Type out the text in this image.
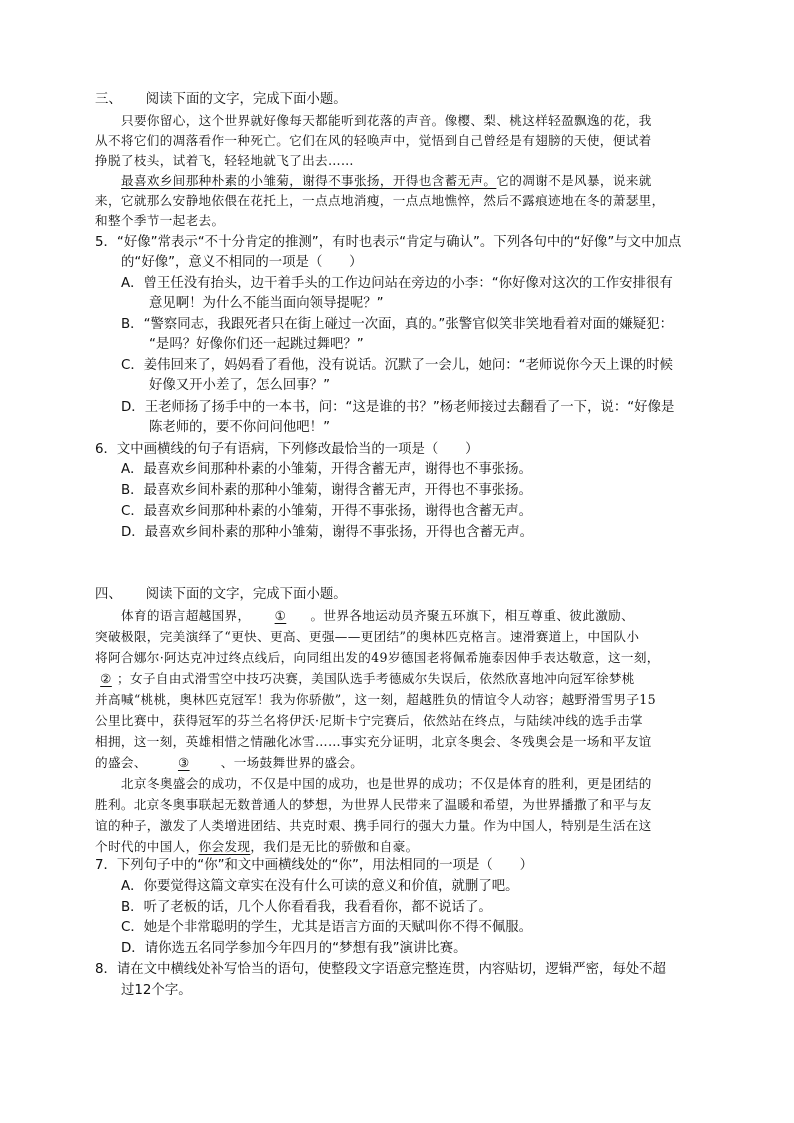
三、 阅读下面的文字，完成下面小题。
只要你留心，这个世界就好像每天都能听到花落的声音。像樱、梨、桃这样轻盈飘逸的花，我
从不将它们的凋落看作一种死亡。它们在风的轻唤声中，觉悟到自己曾经是有翅膀的天使，便试着
挣脱了枝头，试着飞，轻轻地就飞了出去……
最喜欢乡间那种朴素的小雏菊，谢得不事张扬，开得也含蓄无声。它的凋谢不是风暴，说来就
来，它就那么安静地依偎在花托上，一点点地消瘦，一点点地憔悴，然后不露痕迹地在冬的萧瑟里，
和整个季节一起老去。
5．“好像”常表示“不十分肯定的推测”，有时也表示“肯定与确认”。下列各句中的“好像”与文中加点
的“好像”，意义不相同的一项是（　　）
A．曾王任没有抬头，边干着手头的工作边问站在旁边的小李：“你好像对这次的工作安排很有
意见啊！为什么不能当面向领导提呢？”
B．“警察同志，我跟死者只在街上碰过一次面，真的。”张警官似笑非笑地看着对面的嫌疑犯：
“是吗？好像你们还一起跳过舞吧？”
C．姜伟回来了，妈妈看了看他，没有说话。沉默了一会儿，她问：“老师说你今天上课的时候
好像又开小差了，怎么回事？”
D．王老师扬了扬手中的一本书，问：“这是谁的书？”杨老师接过去翻看了一下，说：“好像是
陈老师的，要不你问问他吧！”
6．文中画横线的句子有语病，下列修改最恰当的一项是（　　）
A．最喜欢乡间那种朴素的小雏菊，开得含蓄无声，谢得也不事张扬。
B．最喜欢乡间朴素的那种小雏菊，谢得含蓄无声，开得也不事张扬。
C．最喜欢乡间那种朴素的小雏菊，开得不事张扬，谢得也含蓄无声。
D．最喜欢乡间朴素的那种小雏菊，谢得不事张扬，开得也含蓄无声。
四、 阅读下面的文字，完成下面小题。
体育的语言超越国界， ① 。世界各地运动员齐聚五环旗下，相互尊重、彼此激励、
突破极限，完美演绎了“更快、更高、更强——更团结”的奥林匹克格言。速滑赛道上，中国队小
将阿合娜尔·阿达克冲过终点线后，向同组出发的49岁德国老将佩希施泰因伸手表达敬意，这一刻，
② ；女子自由式滑雪空中技巧决赛，美国队选手考德威尔失误后，依然欣喜地冲向冠军徐梦桃
并高喊“桃桃，奥林匹克冠军！我为你骄傲”，这一刻，超越胜负的情谊令人动容；越野滑雪男子15
公里比赛中，获得冠军的芬兰名将伊沃·尼斯卡宁完赛后，依然站在终点，与陆续冲线的选手击掌
相拥，这一刻，英雄相惜之情融化冰雪……事实充分证明，北京冬奥会、冬残奥会是一场和平友谊
的盛会、 ③ 、一场鼓舞世界的盛会。
北京冬奥盛会的成功，不仅是中国的成功，也是世界的成功；不仅是体育的胜利，更是团结的
胜利。北京冬奥事联起无数普通人的梦想，为世界人民带来了温暖和希望，为世界播撒了和平与友
谊的种子，激发了人类增进团结、共克时艰、携手同行的强大力量。作为中国人，特别是生活在这
个时代的中国人，你会发现，我们是无比的骄傲和自豪。
7．下列句子中的“你”和文中画横线处的“你”，用法相同的一项是（　　）
A．你要觉得这篇文章实在没有什么可读的意义和价值，就删了吧。
B．听了老板的话，几个人你看看我，我看看你，都不说话了。
C．她是个非常聪明的学生，尤其是语言方面的天赋叫你不得不佩服。
D．请你选五名同学参加今年四月的“梦想有我”演讲比赛。
8．请在文中横线处补写恰当的语句，使整段文字语意完整连贯，内容贴切，逻辑严密，每处不超
过12个字。
